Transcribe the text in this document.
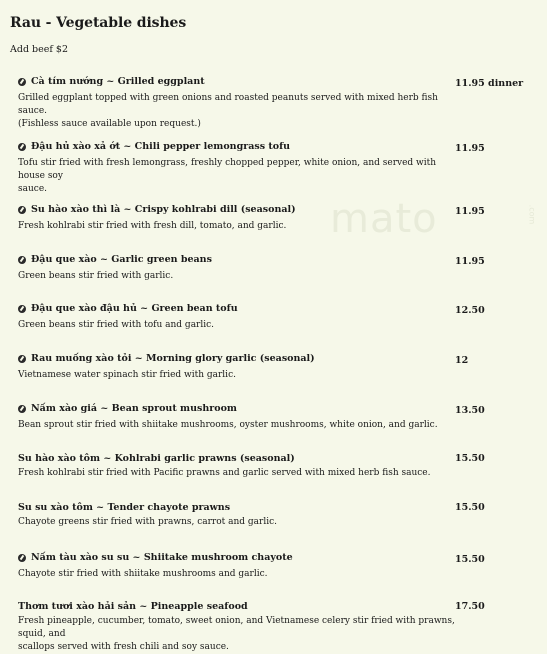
mato	.com
Rau - Vegetable dishes
Add beef $2
Cà tím nướng ~ Grilled eggplant	11.95 dinner
Grilled eggplant topped with green onions and roasted peanuts served with mixed herb fish sauce.
(Fishless sauce available upon request.)
Đậu hủ xào xả ớt ~ Chili pepper lemongrass tofu	11.95
Tofu stir fried with fresh lemongrass, freshly chopped pepper, white onion, and served with house soy
sauce.
Su hào xào thì là ~ Crispy kohlrabi dill (seasonal)	11.95
Fresh kohlrabi stir fried with fresh dill, tomato, and garlic.
Đậu que xào ~ Garlic green beans	11.95
Green beans stir fried with garlic.
Đậu que xào đậu hủ ~ Green bean tofu	12.50
Green beans stir fried with tofu and garlic.
Rau muống xào tỏi ~ Morning glory garlic (seasonal)	12
Vietnamese water spinach stir fried with garlic.
Nấm xào giá ~ Bean sprout mushroom	13.50
Bean sprout stir fried with shiitake mushrooms, oyster mushrooms, white onion, and garlic.
Su hào xào tôm ~ Kohlrabi garlic prawns (seasonal)	15.50
Fresh kohlrabi stir fried with Pacific prawns and garlic served with mixed herb fish sauce.
Su su xào tôm ~ Tender chayote prawns	15.50
Chayote greens stir fried with prawns, carrot and garlic.
Nấm tàu xào su su ~ Shiitake mushroom chayote	15.50
Chayote stir fried with shiitake mushrooms and garlic.
Thơm tươi xào hải sản ~ Pineapple seafood	17.50
Fresh pineapple, cucumber, tomato, sweet onion, and Vietnamese celery stir fried with prawns, squid, and
scallops served with fresh chili and soy sauce.
